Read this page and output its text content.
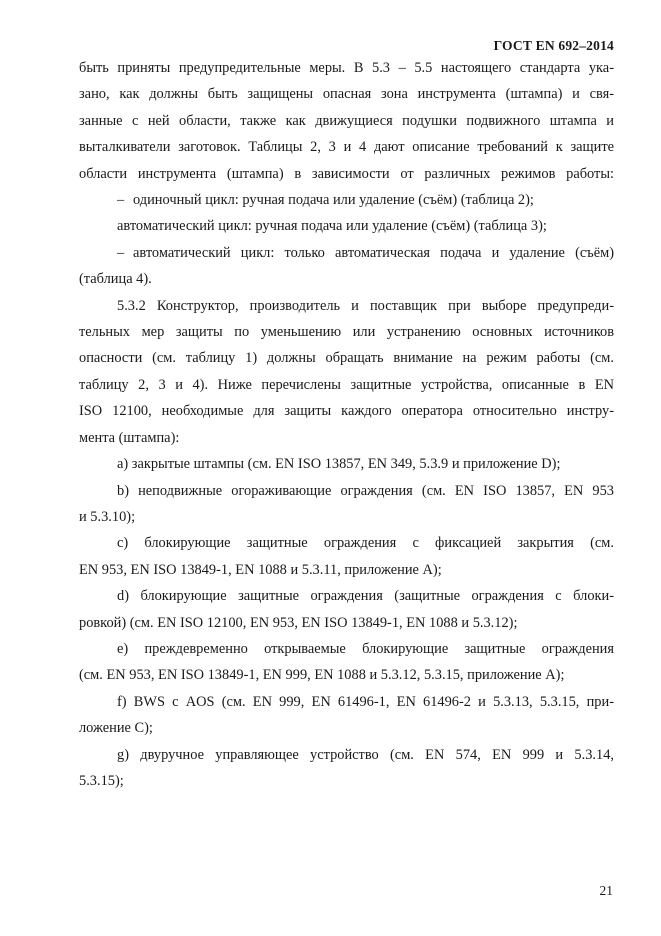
ГОСТ EN 692–2014

быть приняты предупредительные меры. В 5.3 – 5.5 настоящего стандарта ука-

зано, как должны быть защищены опасная зона инструмента (штампа) и свя-

занные с ней области, также как движущиеся подушки подвижного штампа и

выталкиватели заготовок. Таблицы 2, 3 и 4 дают описание требований к защите

области инструмента (штампа) в зависимости от различных режимов работы:

– одиночный цикл: ручная подача или удаление (съём) (таблица 2);

автоматический цикл: ручная подача или удаление (съём) (таблица 3);

– автоматический цикл: только автоматическая подача и удаление (съём)

(таблица 4).

5.3.2 Конструктор, производитель и поставщик при выборе предупреди-

тельных мер защиты по уменьшению или устранению основных источников

опасности (см. таблицу 1) должны обращать внимание на режим работы (см.

таблицу 2, 3 и 4). Ниже перечислены защитные устройства, описанные в EN

ISO 12100, необходимые для защиты каждого оператора относительно инстру-

мента (штампа):

a) закрытые штампы (см. EN ISO 13857, EN 349, 5.3.9 и приложение D);

b) неподвижные огораживающие ограждения (см. EN ISO 13857, EN 953

и 5.3.10);

c) блокирующие защитные ограждения с фиксацией закрытия (см.

EN 953, EN ISO 13849-1, EN 1088 и 5.3.11, приложение A);

d) блокирующие защитные ограждения (защитные ограждения с блоки-

ровкой) (см. EN ISO 12100, EN 953, EN ISO 13849-1, EN 1088 и 5.3.12);

e) преждевременно открываемые блокирующие защитные ограждения

(см. EN 953, EN ISO 13849-1, EN 999, EN 1088 и 5.3.12, 5.3.15, приложение A);

f) BWS с AOS (см. EN 999, EN 61496-1, EN 61496-2 и 5.3.13, 5.3.15, при-

ложение C);

g) двуручное управляющее устройство (см. EN 574, EN 999 и 5.3.14,

5.3.15);

21
